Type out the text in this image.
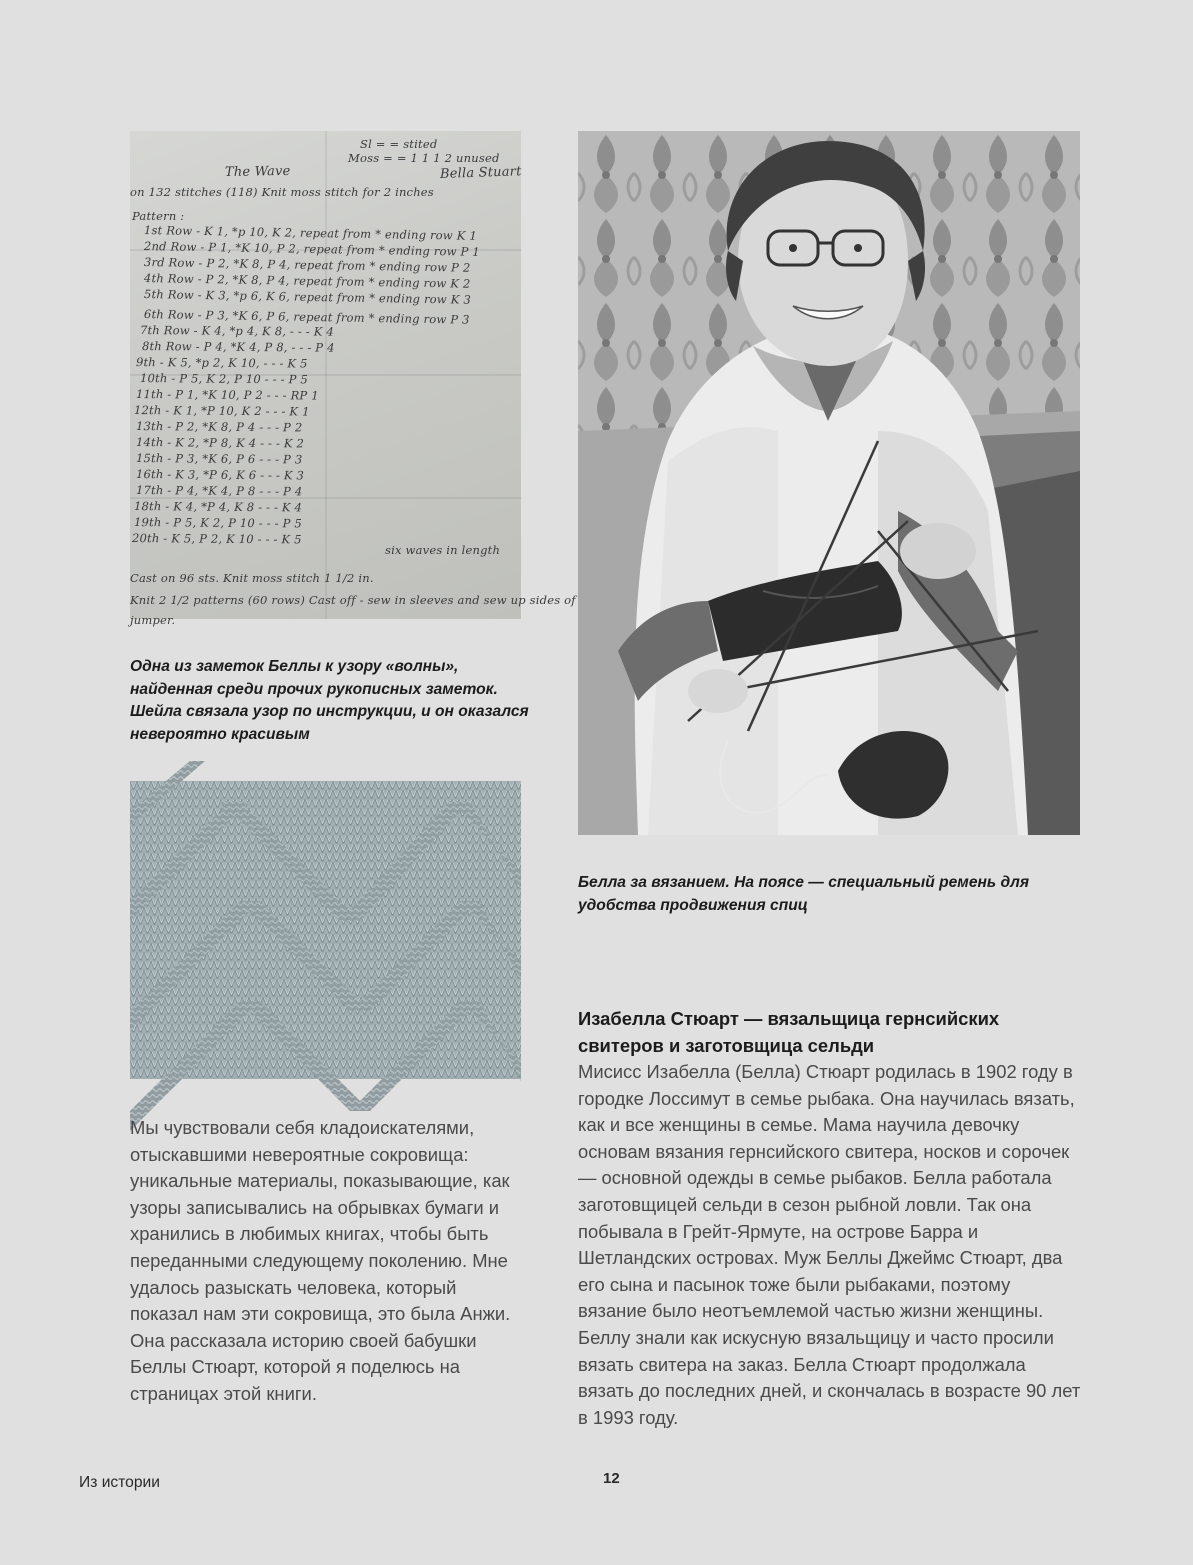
Sl = = stited
Moss = = 1 1 1 2 unused
The Wave	Bella Stuart
on 132 stitches (118) Knit moss stitch for 2 inches
Pattern :
1st Row - K 1, *p 10, K 2, repeat from * ending row K 1
2nd Row - P 1, *K 10, P 2, repeat from * ending row P 1
3rd Row - P 2, *K 8, P 4, repeat from * ending row P 2
4th Row - P 2, *K 8, P 4, repeat from * ending row K 2
5th Row - K 3, *p 6, K 6, repeat from * ending row K 3
6th Row - P 3, *K 6, P 6, repeat from * ending row P 3
7th Row - K 4, *p 4, K 8, - - - K 4
8th Row - P 4, *K 4, P 8, - - - P 4
9th - K 5, *p 2, K 10, - - - K 5
10th - P 5, K 2, P 10 - - - P 5
11th - P 1, *K 10, P 2 - - - RP 1
12th - K 1, *P 10, K 2 - - - K 1
13th - P 2, *K 8, P 4 - - - P 2
14th - K 2, *P 8, K 4 - - - K 2
15th - P 3, *K 6, P 6 - - - P 3
16th - K 3, *P 6, K 6 - - - K 3
17th - P 4, *K 4, P 8 - - - P 4
18th - K 4, *P 4, K 8 - - - K 4
19th - P 5, K 2, P 10 - - - P 5
20th - K 5, P 2, K 10 - - - K 5
six waves in length
Cast on 96 sts. Knit moss stitch 1 1/2 in.
Knit 2 1/2 patterns (60 rows) Cast off - sew in sleeves and sew up sides of
jumper.

Одна из заметок Беллы к узору «волны», найденная среди прочих рукописных заметок. Шейла связала узор по инструкции, и он оказался невероятно красивым

Белла за вязанием. На поясе — специальный ремень для удобства продвижения спиц

Мы чувствовали себя кладоискателями, отыскавшими невероятные сокровища: уникальные материалы, показывающие, как узоры записывались на обрывках бумаги и хранились в любимых книгах, чтобы быть переданными следующему поколению. Мне удалось разыскать человека, который показал нам эти сокровища, это была Анжи. Она рассказала историю своей бабушки Беллы Стюарт, которой я поделюсь на страницах этой книги.

Изабелла Стюарт — вязальщица гернсийских свитеров и заготовщица сельди

Мисисс Изабелла (Белла) Стюарт родилась в 1902 году в городке Лоссимут в семье рыбака. Она научилась вязать, как и все женщины в семье. Мама научила девочку основам вязания гернсийского свитера, носков и сорочек — основной одежды в семье рыбаков. Белла работала заготовщицей сельди в сезон рыбной ловли. Так она побывала в Грейт-Ярмуте, на острове Барра и Шетландских островах. Муж Беллы Джеймс Стюарт, два его сына и пасынок тоже были рыбаками, поэтому вязание было неотъемлемой частью жизни женщины. Беллу знали как искусную вязальщицу и часто просили вязать свитера на заказ. Белла Стюарт продолжала вязать до последних дней, и скончалась в возрасте 90 лет в 1993 году.

Из истории	12
